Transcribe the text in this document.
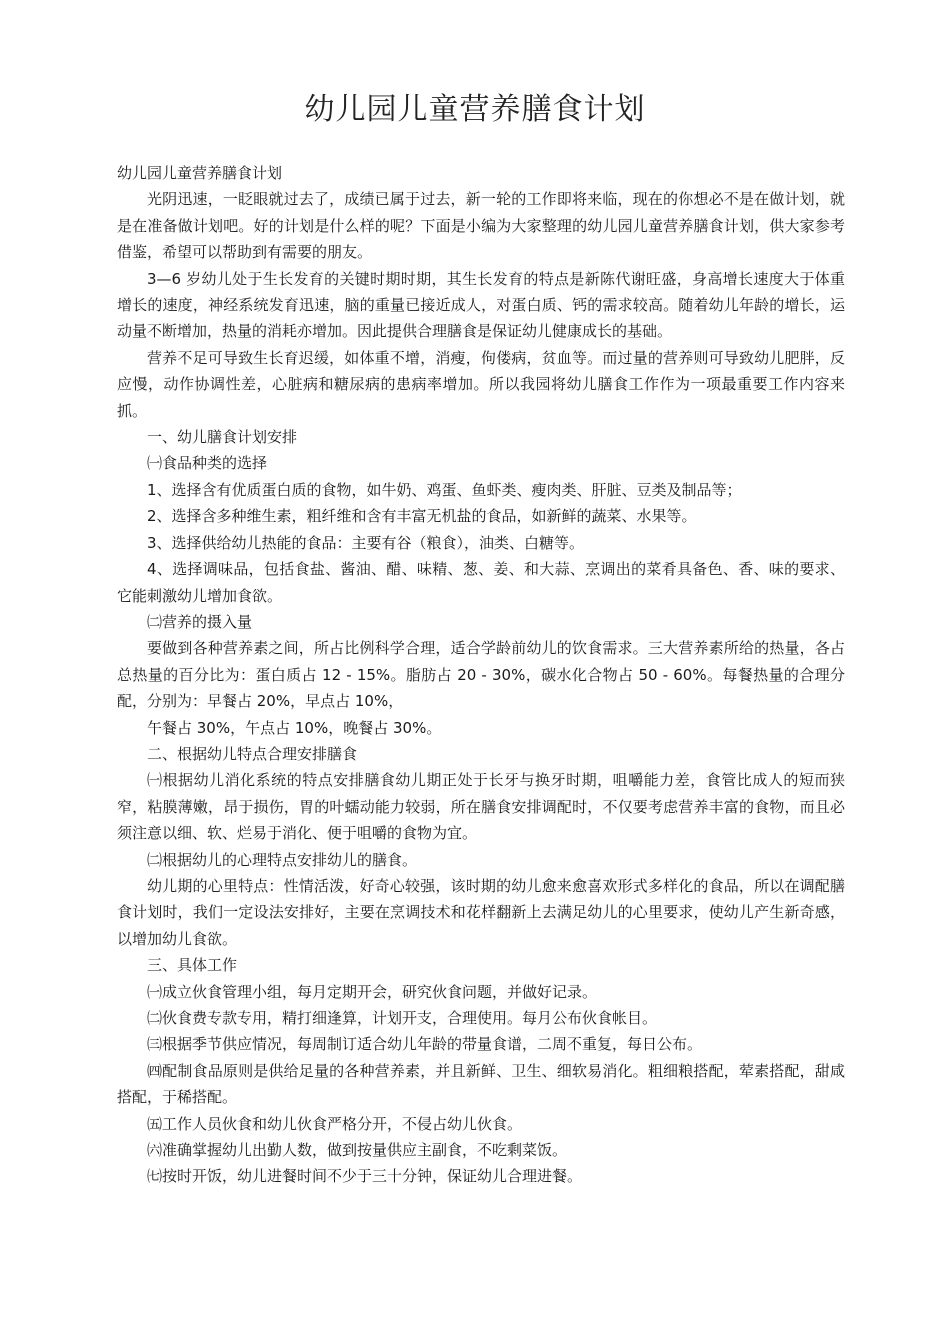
幼儿园儿童营养膳食计划

幼儿园儿童营养膳食计划

光阴迅速，一眨眼就过去了，成绩已属于过去，新一轮的工作即将来临，现在的你想必不是在做计划，就是在准备做计划吧。好的计划是什么样的呢？下面是小编为大家整理的幼儿园儿童营养膳食计划，供大家参考借鉴，希望可以帮助到有需要的朋友。

3—6 岁幼儿处于生长发育的关键时期时期，其生长发育的特点是新陈代谢旺盛，身高增长速度大于体重增长的速度，神经系统发育迅速，脑的重量已接近成人，对蛋白质、钙的需求较高。随着幼儿年龄的增长，运动量不断增加，热量的消耗亦增加。因此提供合理膳食是保证幼儿健康成长的基础。

营养不足可导致生长育迟缓，如体重不增，消瘦，佝偻病，贫血等。而过量的营养则可导致幼儿肥胖，反应慢，动作协调性差，心脏病和糖尿病的患病率增加。所以我园将幼儿膳食工作作为一项最重要工作内容来抓。

一、幼儿膳食计划安排

㈠食品种类的选择

1、选择含有优质蛋白质的食物，如牛奶、鸡蛋、鱼虾类、瘦肉类、肝脏、豆类及制品等；

2、选择含多种维生素，粗纤维和含有丰富无机盐的食品，如新鲜的蔬菜、水果等。

3、选择供给幼儿热能的食品：主要有谷（粮食），油类、白糖等。

4、选择调味品，包括食盐、酱油、醋、味精、葱、姜、和大蒜、烹调出的菜肴具备色、香、味的要求、它能刺激幼儿增加食欲。

㈡营养的摄入量

要做到各种营养素之间，所占比例科学合理，适合学龄前幼儿的饮食需求。三大营养素所给的热量，各占总热量的百分比为：蛋白质占 12 - 15%。脂肪占 20 - 30%，碳水化合物占 50 - 60%。每餐热量的合理分配，分别为：早餐占 20%，早点占 10%，

午餐占 30%，午点占 10%，晚餐占 30%。

二、根据幼儿特点合理安排膳食

㈠根据幼儿消化系统的特点安排膳食幼儿期正处于长牙与换牙时期，咀嚼能力差，食管比成人的短而狭窄，粘膜薄嫩，昂于损伤，胃的叶蠕动能力较弱，所在膳食安排调配时，不仅要考虑营养丰富的食物，而且必须注意以细、软、烂易于消化、便于咀嚼的食物为宜。

㈡根据幼儿的心理特点安排幼儿的膳食。

幼儿期的心里特点：性情活泼，好奇心较强，该时期的幼儿愈来愈喜欢形式多样化的食品，所以在调配膳食计划时，我们一定设法安排好，主要在烹调技术和花样翻新上去满足幼儿的心里要求，使幼儿产生新奇感，以增加幼儿食欲。

三、具体工作

㈠成立伙食管理小组，每月定期开会，研究伙食问题，并做好记录。

㈡伙食费专款专用，精打细逢算，计划开支，合理使用。每月公布伙食帐目。

㈢根据季节供应情况，每周制订适合幼儿年龄的带量食谱，二周不重复，每日公布。

㈣配制食品原则是供给足量的各种营养素，并且新鲜、卫生、细软易消化。粗细粮搭配，荤素搭配，甜咸搭配，于稀搭配。

㈤工作人员伙食和幼儿伙食严格分开，不侵占幼儿伙食。

㈥准确掌握幼儿出勤人数，做到按量供应主副食，不吃剩菜饭。

㈦按时开饭，幼儿进餐时间不少于三十分钟，保证幼儿合理进餐。
